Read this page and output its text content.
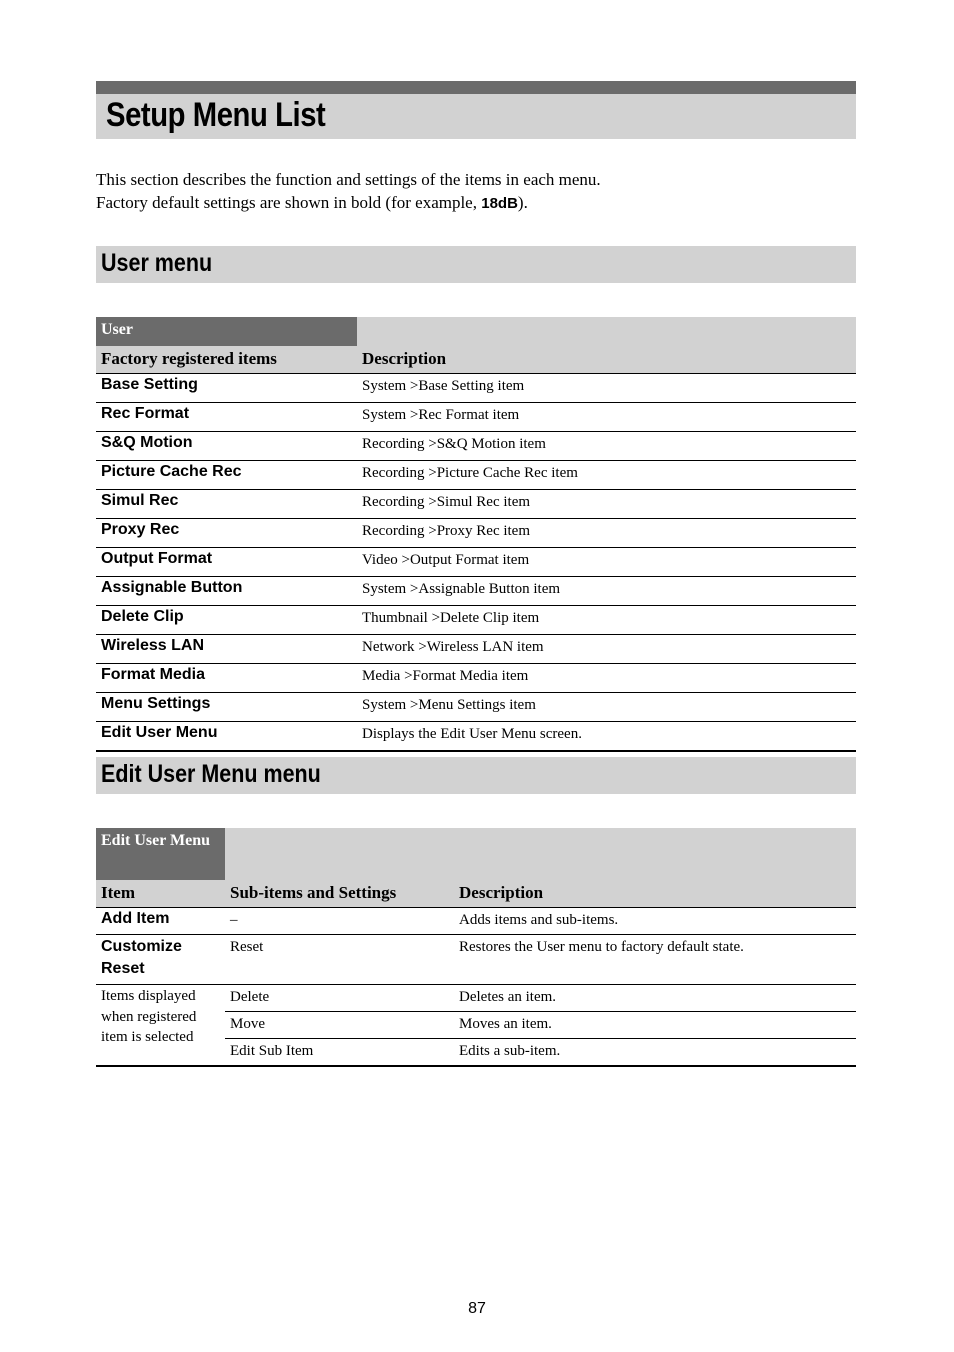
Setup Menu List
This section describes the function and settings of the items in each menu.
Factory default settings are shown in bold (for example, 18dB).
User menu
User	
Factory registered items	Description
Base Setting	System >Base Setting item
Rec Format	System >Rec Format item
S&Q Motion	Recording >S&Q Motion item
Picture Cache Rec	Recording >Picture Cache Rec item
Simul Rec	Recording >Simul Rec item
Proxy Rec	Recording >Proxy Rec item
Output Format	Video >Output Format item
Assignable Button	System >Assignable Button item
Delete Clip	Thumbnail >Delete Clip item
Wireless LAN	Network >Wireless LAN item
Format Media	Media >Format Media item
Menu Settings	System >Menu Settings item
Edit User Menu	Displays the Edit User Menu screen.
Edit User Menu menu
Edit User Menu		
Item	Sub-items and Settings	Description
Add Item	–	Adds items and sub-items.
Customize Reset	Reset	Restores the User menu to factory default state.
Items displayed when registered item is selected	Delete	Deletes an item.
	Move	Moves an item.
	Edit Sub Item	Edits a sub-item.
87
